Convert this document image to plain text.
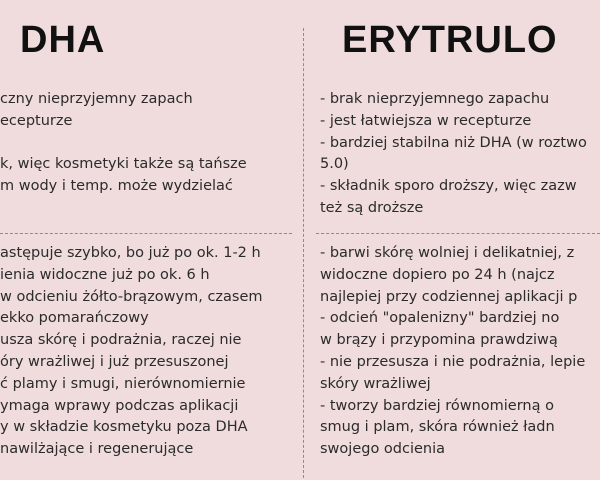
DHA	ERYTRULO
czny nieprzyjemny zapach
ecepturze
k, więc kosmetyki także są tańsze
m wody i temp. może wydzielać
astępuje szybko, bo już po ok. 1-2 h
ienia widoczne już po ok. 6 h
w odcieniu żółto-brązowym, czasem
ekko pomarańczowy
usza skórę i podrażnia, raczej nie
óry wrażliwej i już przesuszonej
ć plamy i smugi, nierównomiernie
ymaga wprawy podczas aplikacji
y w składzie kosmetyku poza DHA
nawilżające i regenerujące
- brak nieprzyjemnego zapachu
- jest łatwiejsza w recepturze
- bardziej stabilna niż DHA (w roztwo
5.0)
- składnik sporo droższy, więc zazw
też są droższe
- barwi skórę wolniej i delikatniej, z
widoczne dopiero po 24 h (najcz
najlepiej przy codziennej aplikacji p
- odcień "opalenizny" bardziej no
w brązy i przypomina prawdziwą
- nie przesusza i nie podrażnia, lepie
skóry wrażliwej
- tworzy bardziej równomierną o
smug i plam, skóra również ładn
swojego odcienia
